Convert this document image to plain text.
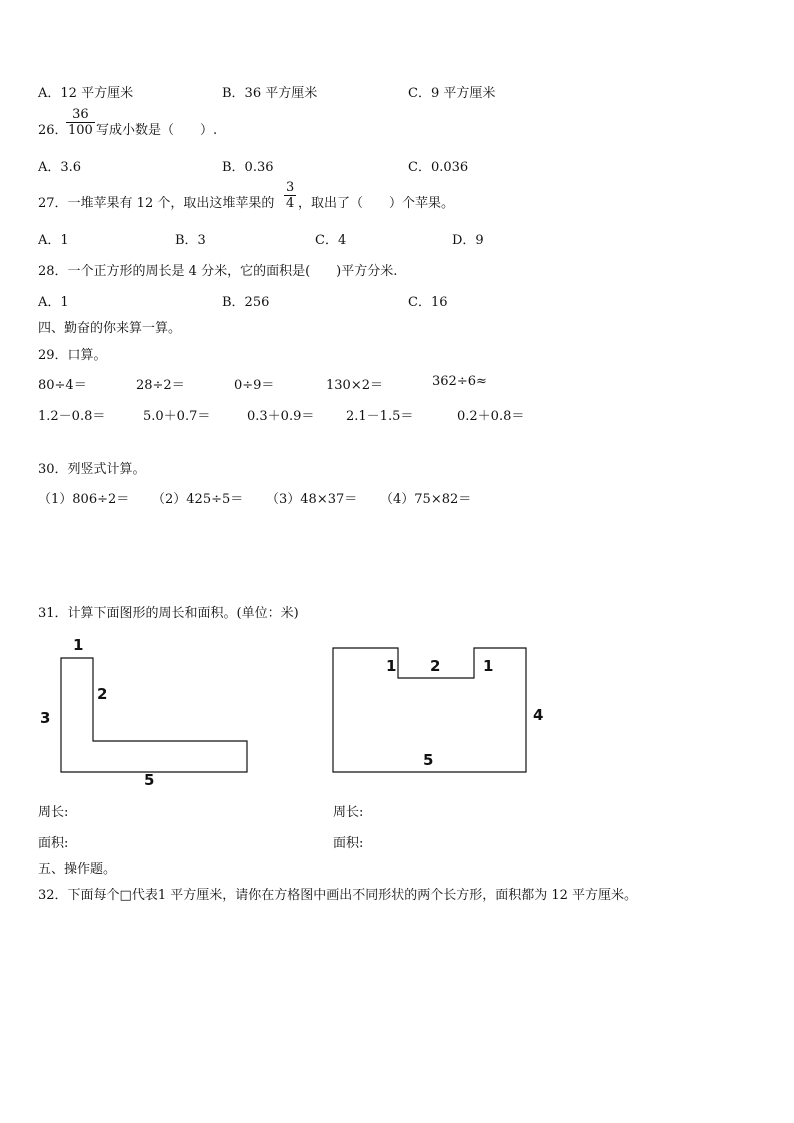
A．12 平方厘米	B．36 平方厘米	C．9 平方厘米
26．
36
100 写成小数是（　　）.
A．3.6	B．0.36	C．0.036
27．一堆苹果有 12 个，取出这堆苹果的
3
4 ，取出了（　　）个苹果。
A．1	B．3	C．4	D．9
28．一个正方形的周长是 4 分米，它的面积是(　　)平方分米.
A．1	B．256	C．16
四、勤奋的你来算一算。
29．口算。
80÷4＝	28÷2＝	0÷9＝	130×2＝	362÷6≈
1.2－0.8＝	5.0＋0.7＝	0.3＋0.9＝ 2.1－1.5＝	0.2＋0.8＝
30．列竖式计算。
（1）806÷2＝ （2）425÷5＝ （3）48×37＝ （4）75×82＝
31．计算下面图形的周长和面积。(单位：米)
1
2
3
5
1 2	1
4
5
周长:	周长:
面积:	面积:
五、操作题。
32．下面每个□代表1 平方厘米，请你在方格图中画出不同形状的两个长方形，面积都为 12 平方厘米。
